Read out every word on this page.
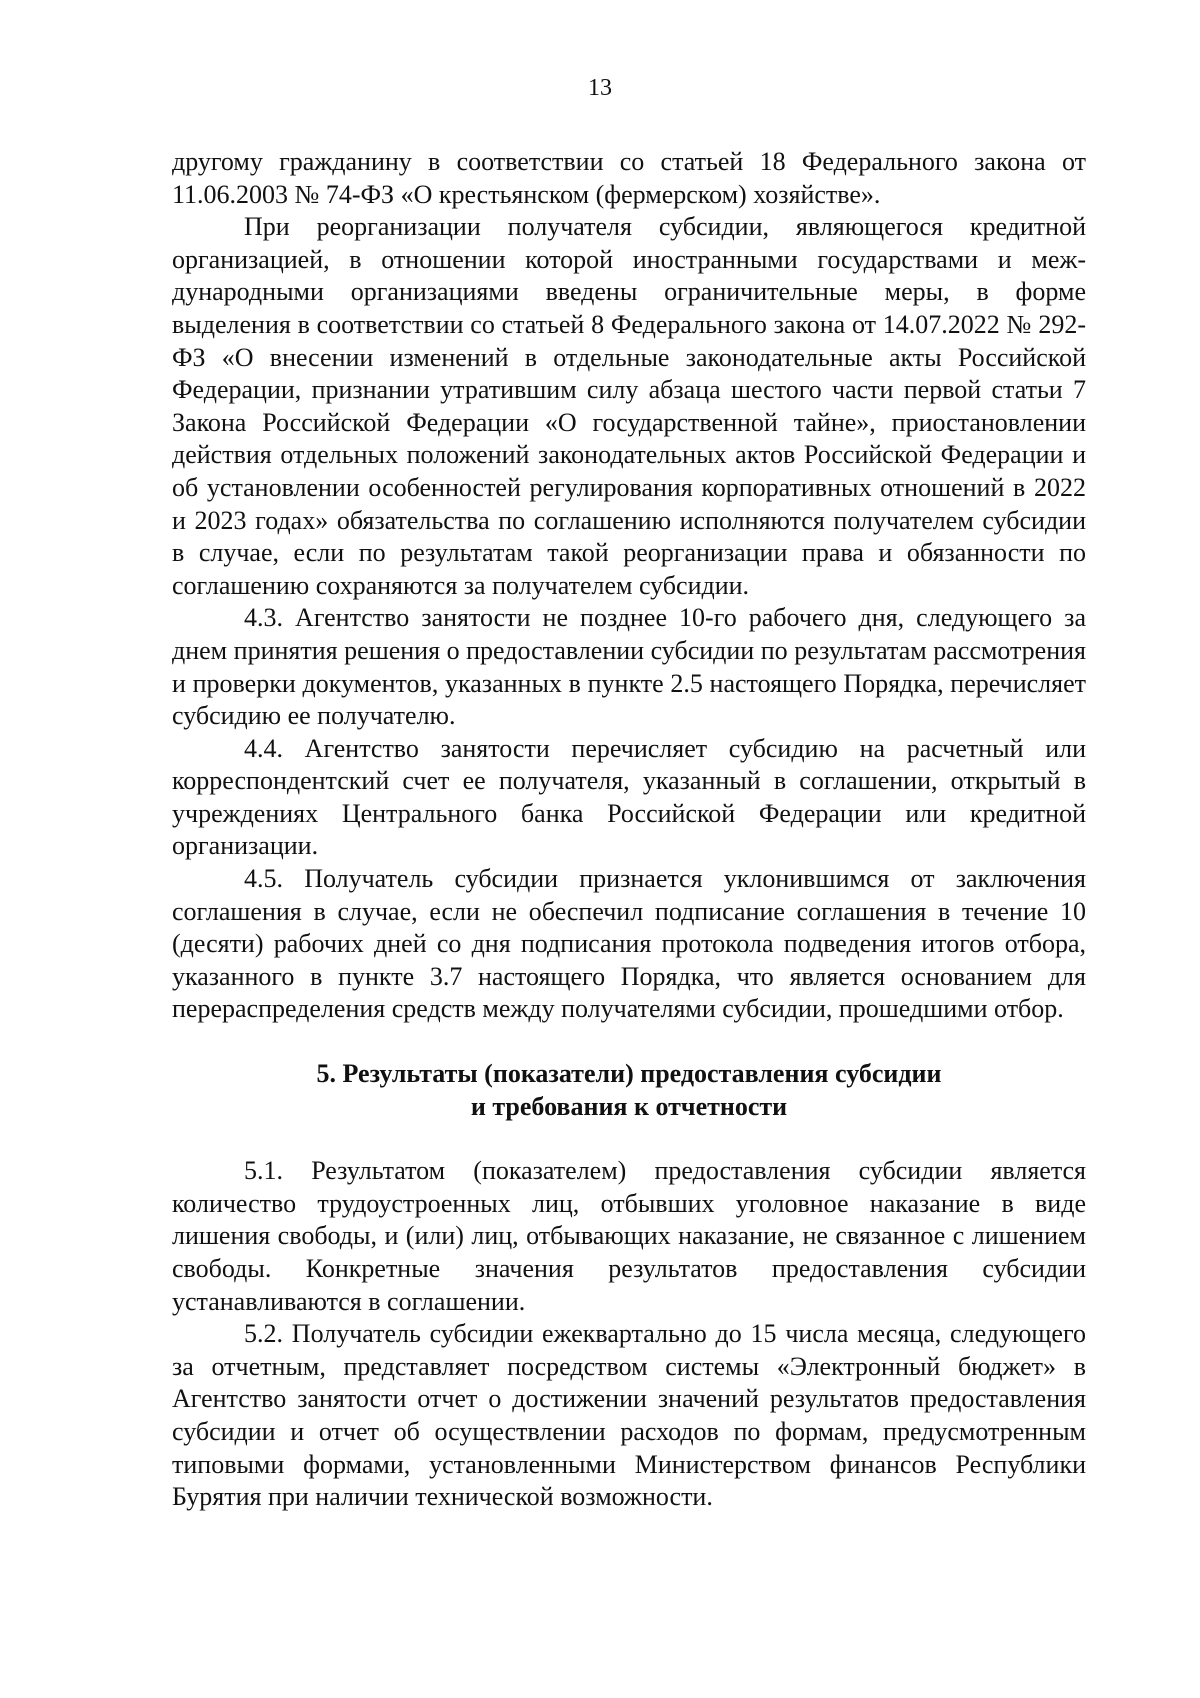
13

другому гражданину в соответствии со статьей 18 Федерального закона от 11.06.2003 № 74-ФЗ «О крестьянском (фермерском) хозяйстве».

При реорганизации получателя субсидии, являющегося кредитной организацией, в отношении которой иностранными государствами и международными организациями введены ограничительные меры, в форме выделения в соответствии со статьей 8 Федерального закона от 14.07.2022 № 292-ФЗ «О внесении изменений в отдельные законодательные акты Российской Федерации, признании утратившим силу абзаца шестого части первой статьи 7 Закона Российской Федерации «О государственной тайне», приостановлении действия отдельных положений законодательных актов Российской Федерации и об установлении особенностей регулирования корпоративных отношений в 2022 и 2023 годах» обязательства по соглашению исполняются получателем субсидии в случае, если по результатам такой реорганизации права и обязанности по соглашению сохраняются за получателем субсидии.

4.3. Агентство занятости не позднее 10-го рабочего дня, следующего за днем принятия решения о предоставлении субсидии по результатам рассмотрения и проверки документов, указанных в пункте 2.5 настоящего Порядка, перечисляет субсидию ее получателю.

4.4. Агентство занятости перечисляет субсидию на расчетный или корреспондентский счет ее получателя, указанный в соглашении, открытый в учреждениях Центрального банка Российской Федерации или кредитной организации.

4.5. Получатель субсидии признается уклонившимся от заключения соглашения в случае, если не обеспечил подписание соглашения в течение 10 (десяти) рабочих дней со дня подписания протокола подведения итогов отбора, указанного в пункте 3.7 настоящего Порядка, что является основанием для перераспределения средств между получателями субсидии, прошедшими отбор.

5. Результаты (показатели) предоставления субсидии
и требования к отчетности

5.1. Результатом (показателем) предоставления субсидии является количество трудоустроенных лиц, отбывших уголовное наказание в виде лишения свободы, и (или) лиц, отбывающих наказание, не связанное с лишением свободы. Конкретные значения результатов предоставления субсидии устанавливаются в соглашении.

5.2. Получатель субсидии ежеквартально до 15 числа месяца, следующего за отчетным, представляет посредством системы «Электронный бюджет» в Агентство занятости отчет о достижении значений результатов предоставления субсидии и отчет об осуществлении расходов по формам, предусмотренным типовыми формами, установленными Министерством финансов Республики Бурятия при наличии технической возможности.
